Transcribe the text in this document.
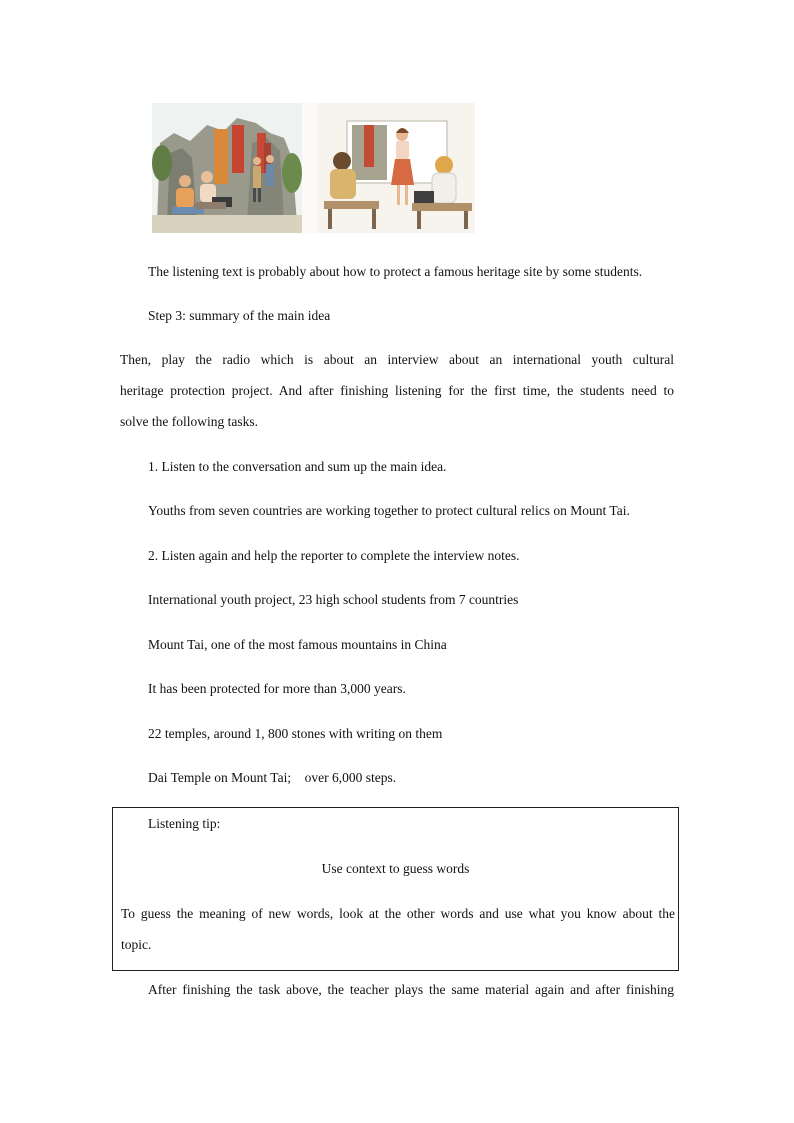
The listening text is probably about how to protect a famous heritage site by some students.
Step 3: summary of the main idea
Then, play the radio which is about an interview about an international youth cultural
heritage protection project. And after finishing listening for the first time, the students need to
solve the following tasks.
1. Listen to the conversation and sum up the main idea.
Youths from seven countries are working together to protect cultural relics on Mount Tai.
2. Listen again and help the reporter to complete the interview notes.
International youth project, 23 high school students from 7 countries
Mount Tai, one of the most famous mountains in China
It has been protected for more than 3,000 years.
22 temples, around 1, 800 stones with writing on them
Dai Temple on Mount Tai;    over 6,000 steps.
Listening tip:
Use context to guess words
To guess the meaning of new words, look at the other words and use what you know about the
topic.
After finishing the task above, the teacher plays the same material again and after finishing
